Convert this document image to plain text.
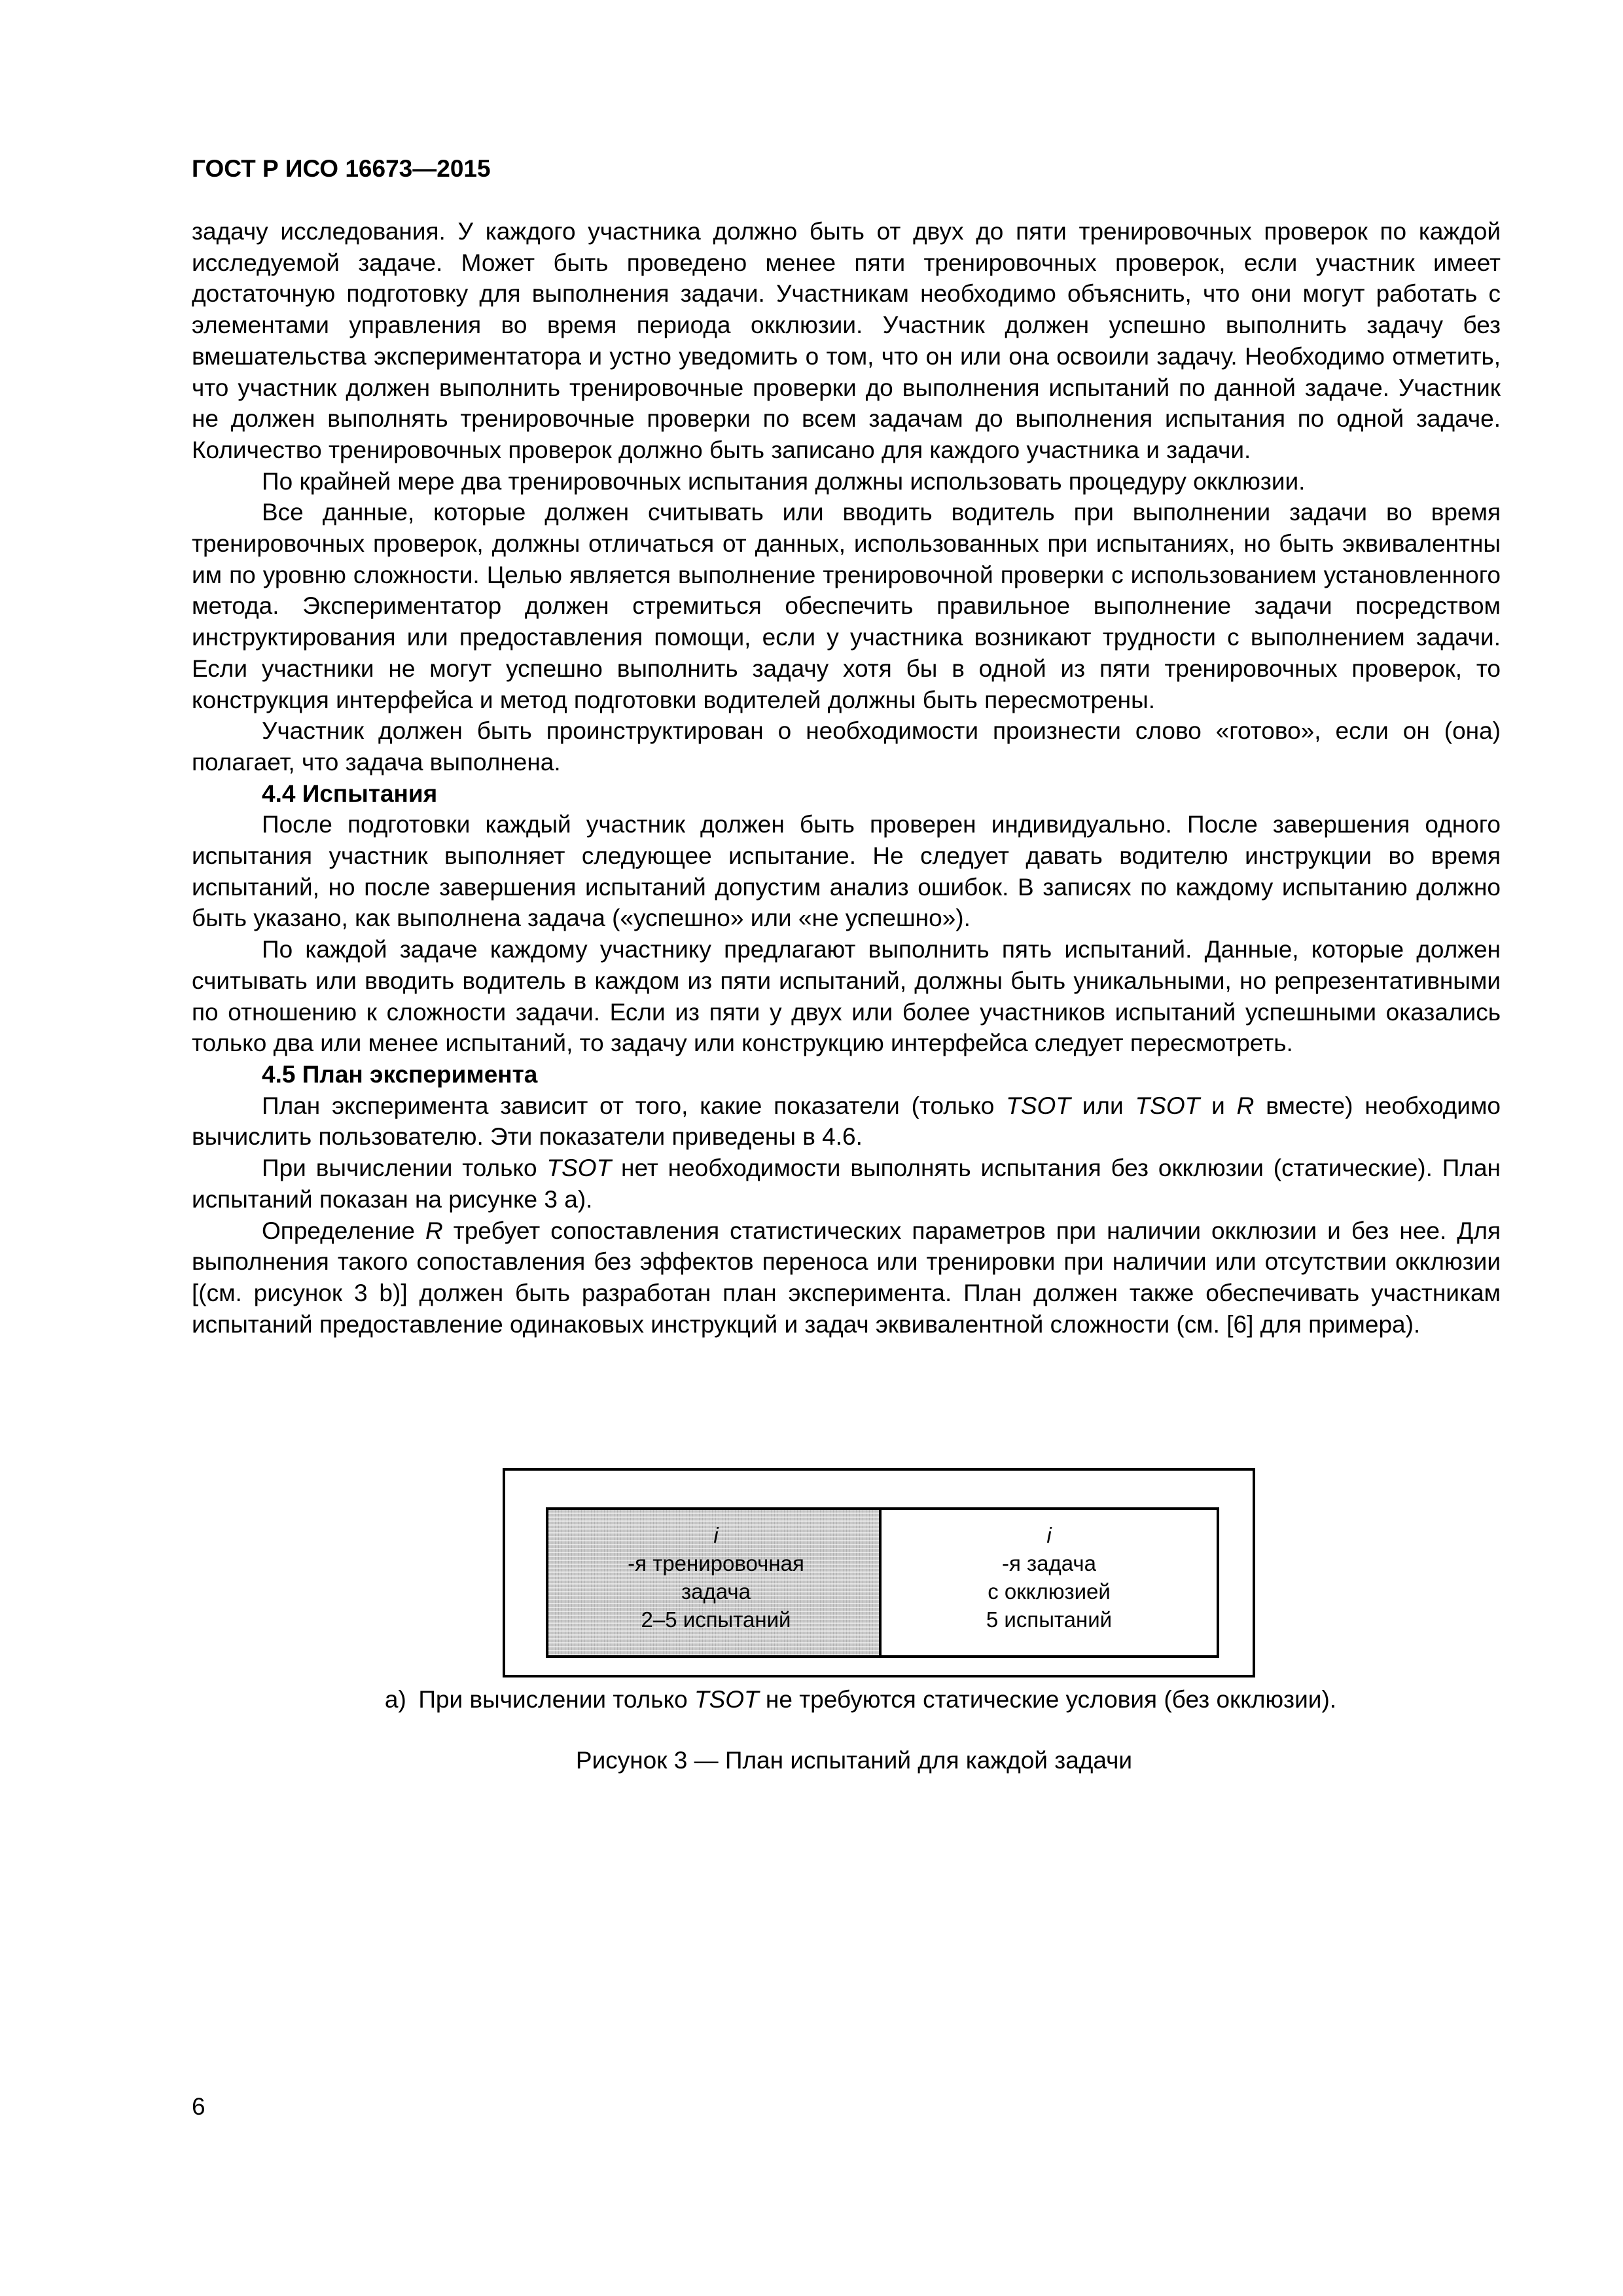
ГОСТ Р ИСО 16673—2015

задачу исследования. У каждого участника должно быть от двух до пяти тренировочных проверок по каждой исследуемой задаче. Может быть проведено менее пяти тренировочных проверок, если участник имеет достаточную подготовку для выполнения задачи. Участникам необходимо объяснить, что они могут работать с элементами управления во время периода окклюзии. Участник должен успешно выполнить задачу без вмешательства экспериментатора и устно уведомить о том, что он или она освоили задачу. Необходимо отметить, что участник должен выполнить тренировочные проверки до выполнения испытаний по данной задаче. Участник не должен выполнять тренировочные проверки по всем задачам до выполнения испытания по одной задаче. Количество тренировочных проверок должно быть записано для каждого участника и задачи.

По крайней мере два тренировочных испытания должны использовать процедуру окклюзии.

Все данные, которые должен считывать или вводить водитель при выполнении задачи во время тренировочных проверок, должны отличаться от данных, использованных при испытаниях, но быть эквивалентны им по уровню сложности. Целью является выполнение тренировочной проверки с использованием установленного метода. Экспериментатор должен стремиться обеспечить правильное выполнение задачи посредством инструктирования или предоставления помощи, если у участника возникают трудности с выполнением задачи. Если участники не могут успешно выполнить задачу хотя бы в одной из пяти тренировочных проверок, то конструкция интерфейса и метод подготовки водителей должны быть пересмотрены.

Участник должен быть проинструктирован о необходимости произнести слово «готово», если он (она) полагает, что задача выполнена.

4.4 Испытания

После подготовки каждый участник должен быть проверен индивидуально. После завершения одного испытания участник выполняет следующее испытание. Не следует давать водителю инструкции во время испытаний, но после завершения испытаний допустим анализ ошибок. В записях по каждому испытанию должно быть указано, как выполнена задача («успешно» или «не успешно»).

По каждой задаче каждому участнику предлагают выполнить пять испытаний. Данные, которые должен считывать или вводить водитель в каждом из пяти испытаний, должны быть уникальными, но репрезентативными по отношению к сложности задачи. Если из пяти у двух или более участников испытаний успешными оказались только два или менее испытаний, то задачу или конструкцию интерфейса следует пересмотреть.

4.5 План эксперимента

План эксперимента зависит от того, какие показатели (только TSOT или TSOT и R вместе) необходимо вычислить пользователю. Эти показатели приведены в 4.6.

При вычислении только TSOT нет необходимости выполнять испытания без окклюзии (статические). План испытаний показан на рисунке 3 а).

Определение R требует сопоставления статистических параметров при наличии окклюзии и без нее. Для выполнения такого сопоставления без эффектов переноса или тренировки при наличии или отсутствии окклюзии [(см. рисунок 3 b)] должен быть разработан план эксперимента. План должен также обеспечивать участникам испытаний предоставление одинаковых инструкций и задач эквивалентной сложности (см. [6] для примера).

i
-я тренировочная
задача
2–5 испытаний
i
-я задача
с окклюзией
5 испытаний
а) При вычислении только TSOT не требуются статические условия (без окклюзии).
Рисунок 3 — План испытаний для каждой задачи
6
